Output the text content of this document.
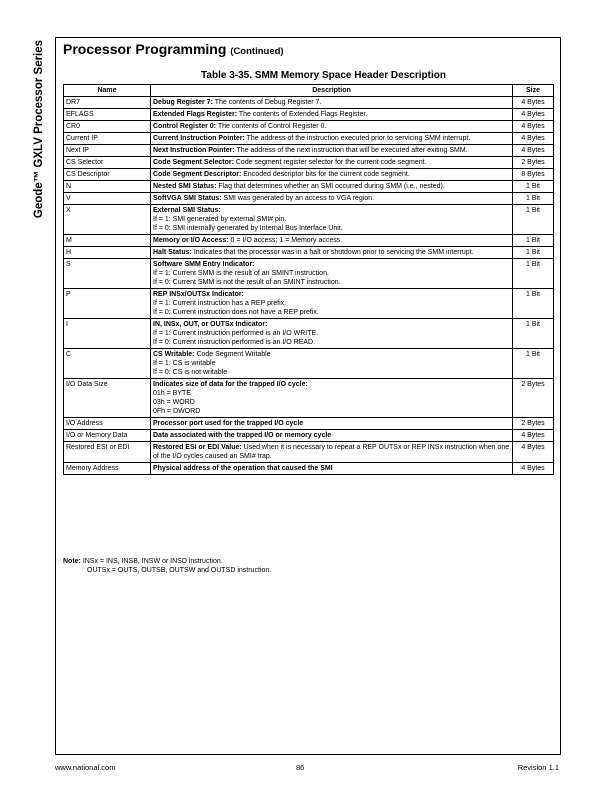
Geode™ GXLV Processor Series Processor Programming (Continued)
Table 3-35. SMM Memory Space Header Description
Name	Description	Size
DR7	Debug Register 7: The contents of Debug Register 7.	4 Bytes
EFLAGS	Extended Flags Register: The contents of Extended Flags Register.	4 Bytes
CR0	Control Register 0: The contents of Control Register 0.	4 Bytes
Current IP	Current Instruction Pointer: The address of the instruction executed prior to servicing SMM interrupt.	4 Bytes
Next IP	Next Instruction Pointer: The address of the next instruction that will be executed after exiting SMM.	4 Bytes
CS Selector	Code Segment Selector: Code segment register selector for the current code segment.	2 Bytes
CS Descriptor	Code Segment Descriptor: Encoded descriptor bits for the current code segment.	8 Bytes
N	Nested SMI Status: Flag that determines whether an SMI occurred during SMM (i.e., nested).	1 Bit
V	SoftVGA SMI Status: SMI was generated by an access to VGA region.	1 Bit
X	External SMI Status:
If = 1: SMI generated by external SMI# pin.
If = 0: SMI internally generated by Internal Bus Interface Unit.	1 Bit
M	Memory or I/O Access: 0 = I/O access; 1 = Memory access.	1 Bit
H	Halt Status: Indicates that the processor was in a halt or shutdown prior to servicing the SMM interrupt.	1 Bit
S	Software SMM Entry Indicator:
If = 1: Current SMM is the result of an SMINT instruction.
If = 0: Current SMM is not the result of an SMINT instruction.	1 Bit
P	REP INSx/OUTSx Indicator:
If = 1: Current instruction has a REP prefix.
If = 0: Current instruction does not have a REP prefix.	1 Bit
I	IN, INSx, OUT, or OUTSx Indicator:
If = 1: Current instruction performed is an I/O WRITE.
If = 0: Current instruction performed is an I/O READ.	1 Bit
C	CS Writable: Code Segment Writable
If = 1: CS is writable
If = 0: CS is not writable	1 Bit
I/O Data Size	Indicates size of data for the trapped I/O cycle:
01h = BYTE
03h = WORD
0Fh = DWORD	2 Bytes
I/O Address	Processor port used for the trapped I/O cycle	2 Bytes
I/O or Memory Data	Data associated with the trapped I/O or memory cycle	4 Bytes
Restored ESI or EDI	Restored ESI or EDI Value: Used when it is necessary to repeat a REP OUTSx or REP INSx instruction when one of the I/O cycles caused an SMI# trap.	4 Bytes
Memory Address	Physical address of the operation that caused the SMI	4 Bytes
Note: INSx = INS, INSB, INSW or INSD instruction.
OUTSx = OUTS, OUTSB, OUTSW and OUTSD instruction.
www.national.com	86	Revision 1.1
